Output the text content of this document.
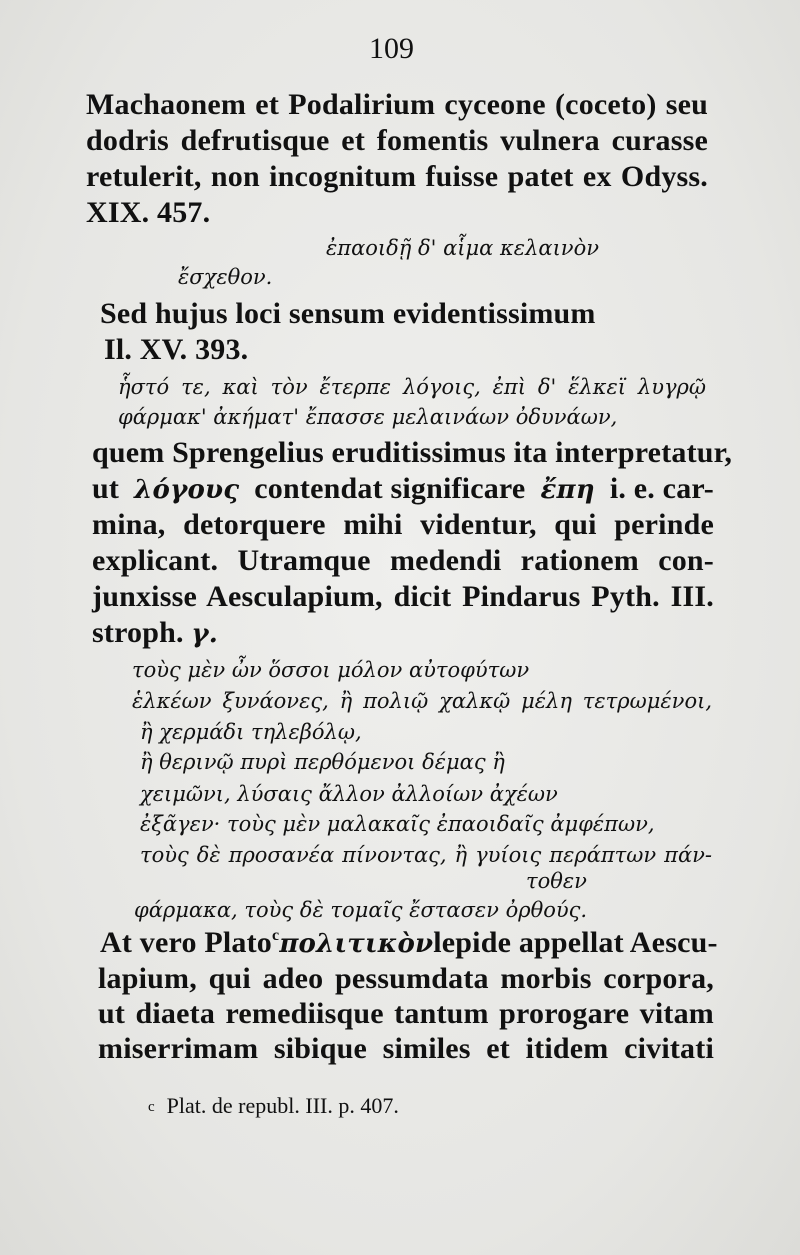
109
Machaonem et Podalirium cyceone (coceto) seu
dodris defrutisque et fomentis vulnera curasse
retulerit, non incognitum fuisse patet ex Odyss.
XIX. 457.
ἐπαοιδῇ δ' αἷμα κελαινὸν
ἔσχεθον.
Sed hujus loci sensum evidentissimum
Il. XV. 393.
ἧστό τε, καὶ τὸν ἔτερπε λόγοις, ἐπὶ δ' ἕλκεϊ λυγρῷ
φάρμακ' ἀκήματ' ἔπασσε μελαινάων ὀδυνάων,
quem Sprengelius eruditissimus ita interpretatur,
ut λόγους contendat significare ἔπη i. e. car-
mina, detorquere mihi videntur, qui perinde
explicant. Utramque medendi rationem con-
junxisse Aesculapium, dicit Pindarus Pyth. III.
stroph. γ.
τοὺς μὲν ὦν ὅσσοι μόλον αὐτοφύτων
ἑλκέων ξυνάονες, ἢ πολιῷ χαλκῷ μέλη τετρωμένοι,
ἢ χερμάδι τηλεβόλῳ,
ἢ θερινῷ πυρὶ περθόμενοι δέμας ἢ
χειμῶνι, λύσαις ἄλλον ἀλλοίων ἀχέων
ἐξᾶγεν· τοὺς μὲν μαλακαῖς ἐπαοιδαῖς ἀμφέπων,
τοὺς δὲ προσανέα πίνοντας, ἢ γυίοις περάπτων πάν-
τοθεν
φάρμακα, τοὺς δὲ τομαῖς ἔστασεν ὀρθούς.
At vero Plato$^c$ πολιτικὸν lepide appellat Aescu-
lapium, qui adeo pessumdata morbis corpora,
ut diaeta remediisque tantum prorogare vitam
miserrimam sibique similes et itidem civitati
c Plat. de republ. III. p. 407.
